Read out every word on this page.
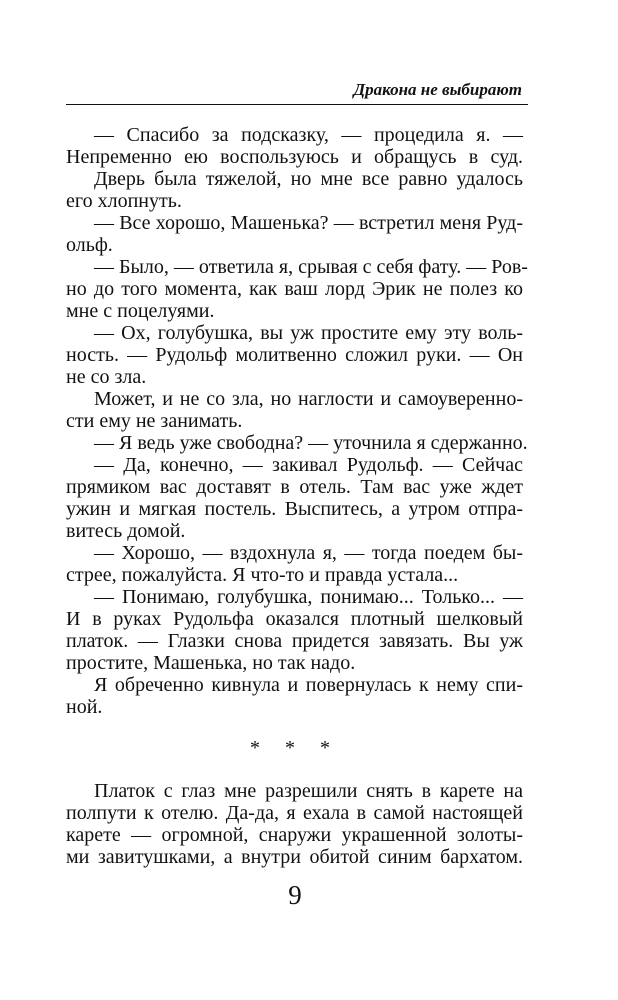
Дракона не выбирают
— Спасибо за подсказку, — процедила я. —
Непременно ею воспользуюсь и обращусь в суд.
Дверь была тяжелой, но мне все равно удалось
его хлопнуть.
— Все хорошо, Машенька? — встретил меня Руд-
ольф.
— Было, — ответила я, срывая с себя фату. — Ров-
но до того момента, как ваш лорд Эрик не полез ко
мне с поцелуями.
— Ох, голубушка, вы уж простите ему эту воль-
ность. — Рудольф молитвенно сложил руки. — Он
не со зла.
Может, и не со зла, но наглости и самоуверенно-
сти ему не занимать.
— Я ведь уже свободна? — уточнила я сдержанно.
— Да, конечно, — закивал Рудольф. — Сейчас
прямиком вас доставят в отель. Там вас уже ждет
ужин и мягкая постель. Выспитесь, а утром отпра-
витесь домой.
— Хорошо, — вздохнула я, — тогда поедем бы-
стрее, пожалуйста. Я что-то и правда устала...
— Понимаю, голубушка, понимаю... Только... —
И в руках Рудольфа оказался плотный шелковый
платок. — Глазки снова придется завязать. Вы уж
простите, Машенька, но так надо.
Я обреченно кивнула и повернулась к нему спи-
ной.
* * *
Платок с глаз мне разрешили снять в карете на
полпути к отелю. Да-да, я ехала в самой настоящей
карете — огромной, снаружи украшенной золоты-
ми завитушками, а внутри обитой синим бархатом.
9
